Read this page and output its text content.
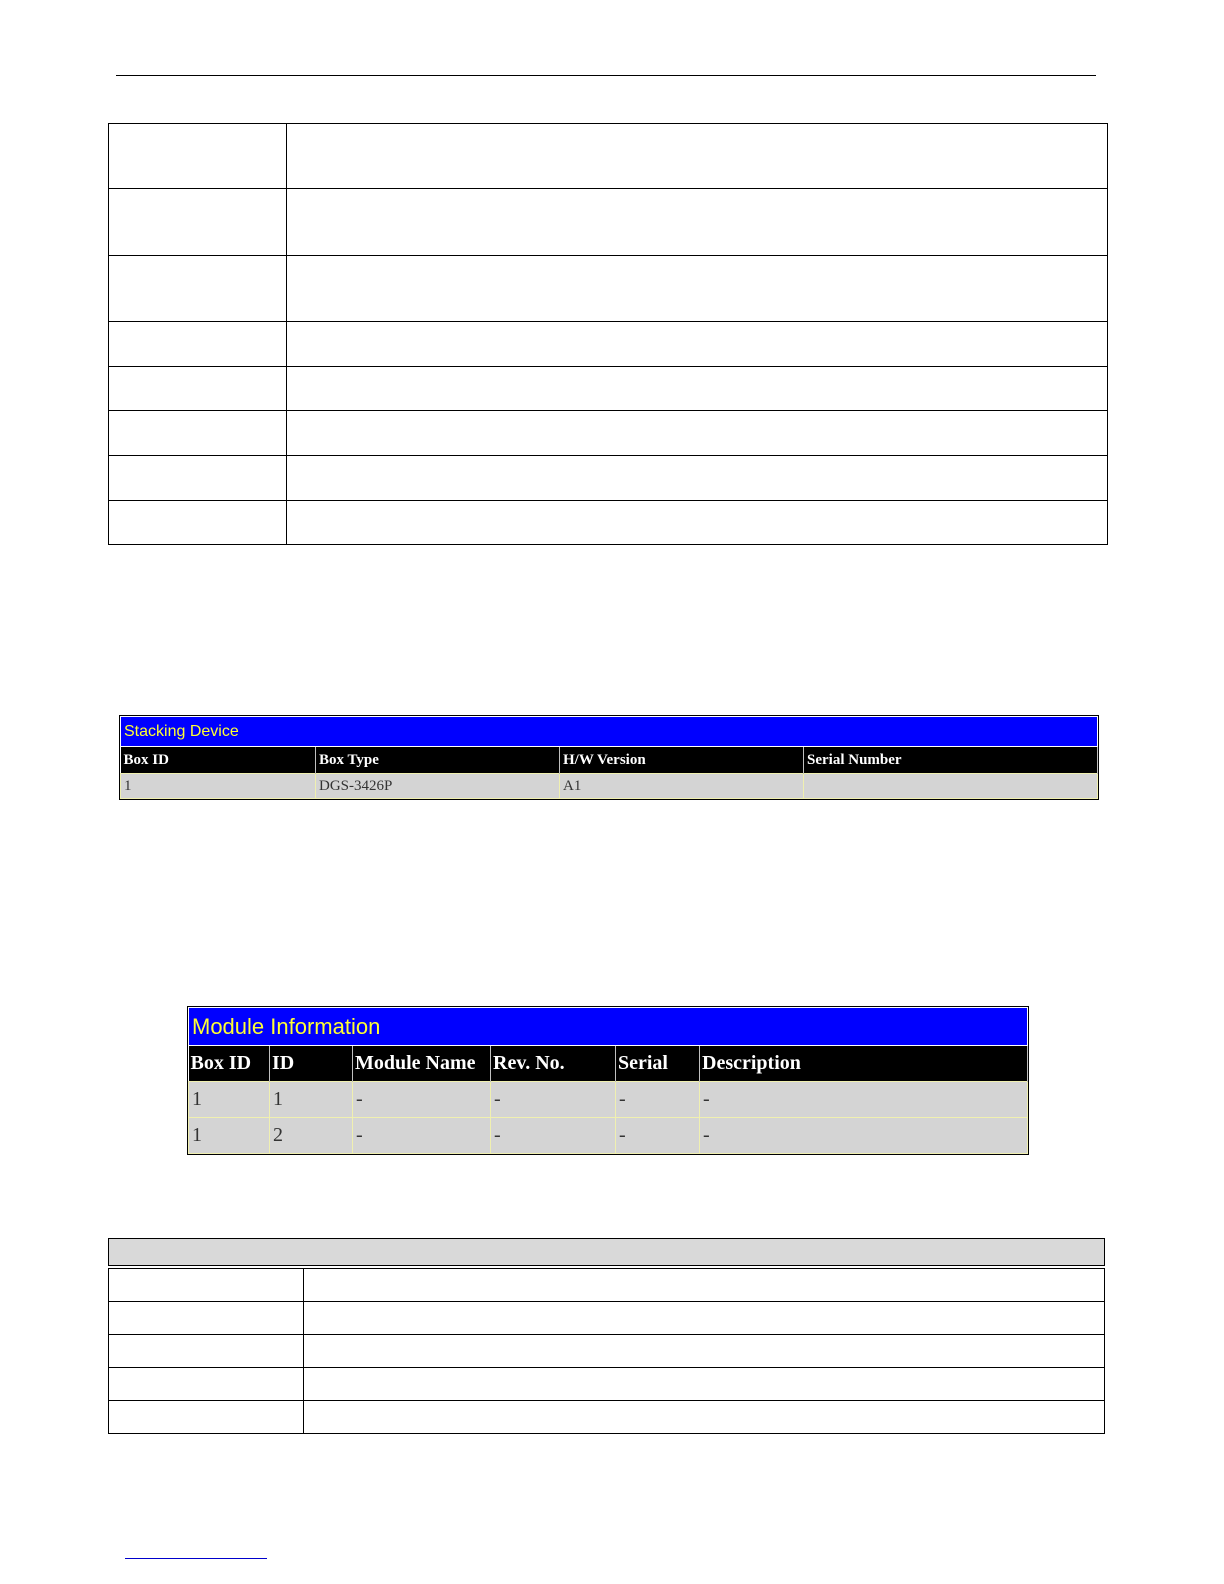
Stacking Device			
Box ID	Box Type	H/W Version	Serial Number
1	DGS-3426P	A1	
Module Information					
Box ID	ID	Module Name	Rev. No.	Serial	Description
1	1	-	-	-	-
1	2	-	-	-	-
